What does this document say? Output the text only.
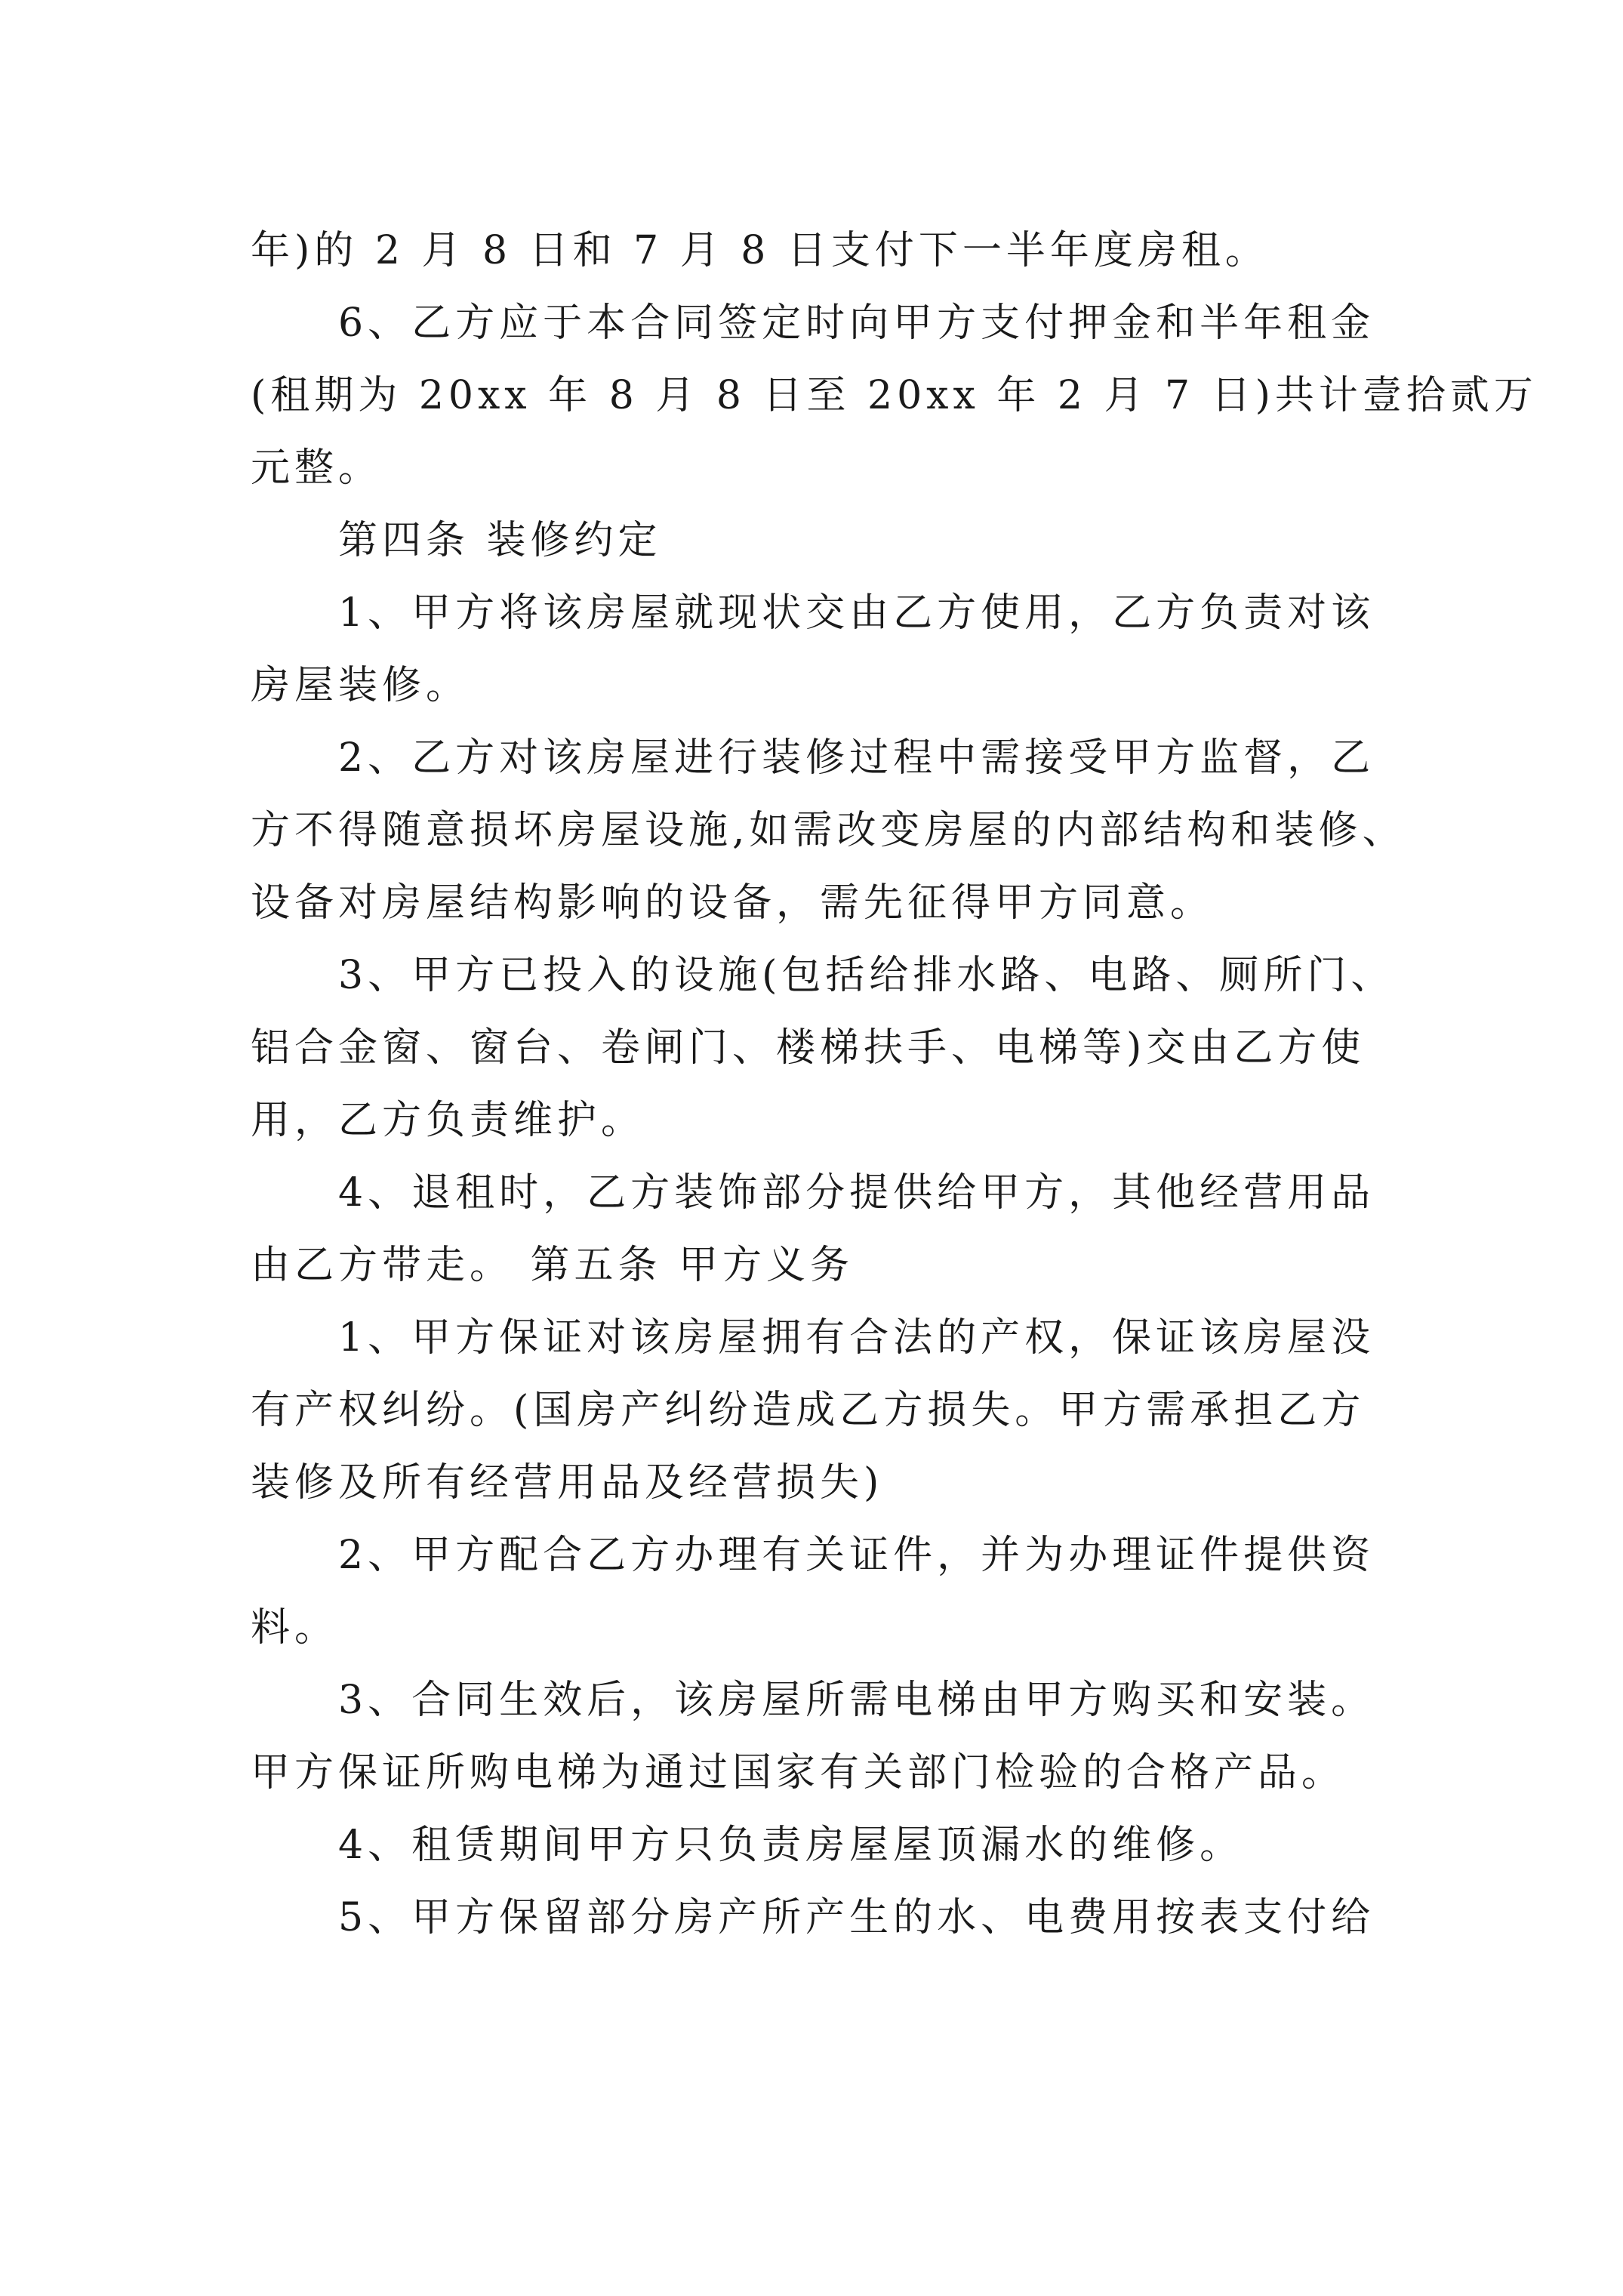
年)的 2 月 8 日和 7 月 8 日支付下一半年度房租。

6、乙方应于本合同签定时向甲方支付押金和半年租金

(租期为 20xx 年 8 月 8 日至 20xx 年 2 月 7 日)共计壹拾贰万

元整。

第四条 装修约定

1、甲方将该房屋就现状交由乙方使用，乙方负责对该

房屋装修。

2、乙方对该房屋进行装修过程中需接受甲方监督，乙

方不得随意损坏房屋设施,如需改变房屋的内部结构和装修、

设备对房屋结构影响的设备，需先征得甲方同意。

3、甲方已投入的设施(包括给排水路、电路、厕所门、

铝合金窗、窗台、卷闸门、楼梯扶手、电梯等)交由乙方使

用，乙方负责维护。

4、退租时，乙方装饰部分提供给甲方，其他经营用品

由乙方带走。 第五条 甲方义务

1、甲方保证对该房屋拥有合法的产权，保证该房屋没

有产权纠纷。(国房产纠纷造成乙方损失。甲方需承担乙方

装修及所有经营用品及经营损失)

2、甲方配合乙方办理有关证件，并为办理证件提供资

料。

3、合同生效后，该房屋所需电梯由甲方购买和安装。

甲方保证所购电梯为通过国家有关部门检验的合格产品。

4、租赁期间甲方只负责房屋屋顶漏水的维修。

5、甲方保留部分房产所产生的水、电费用按表支付给
